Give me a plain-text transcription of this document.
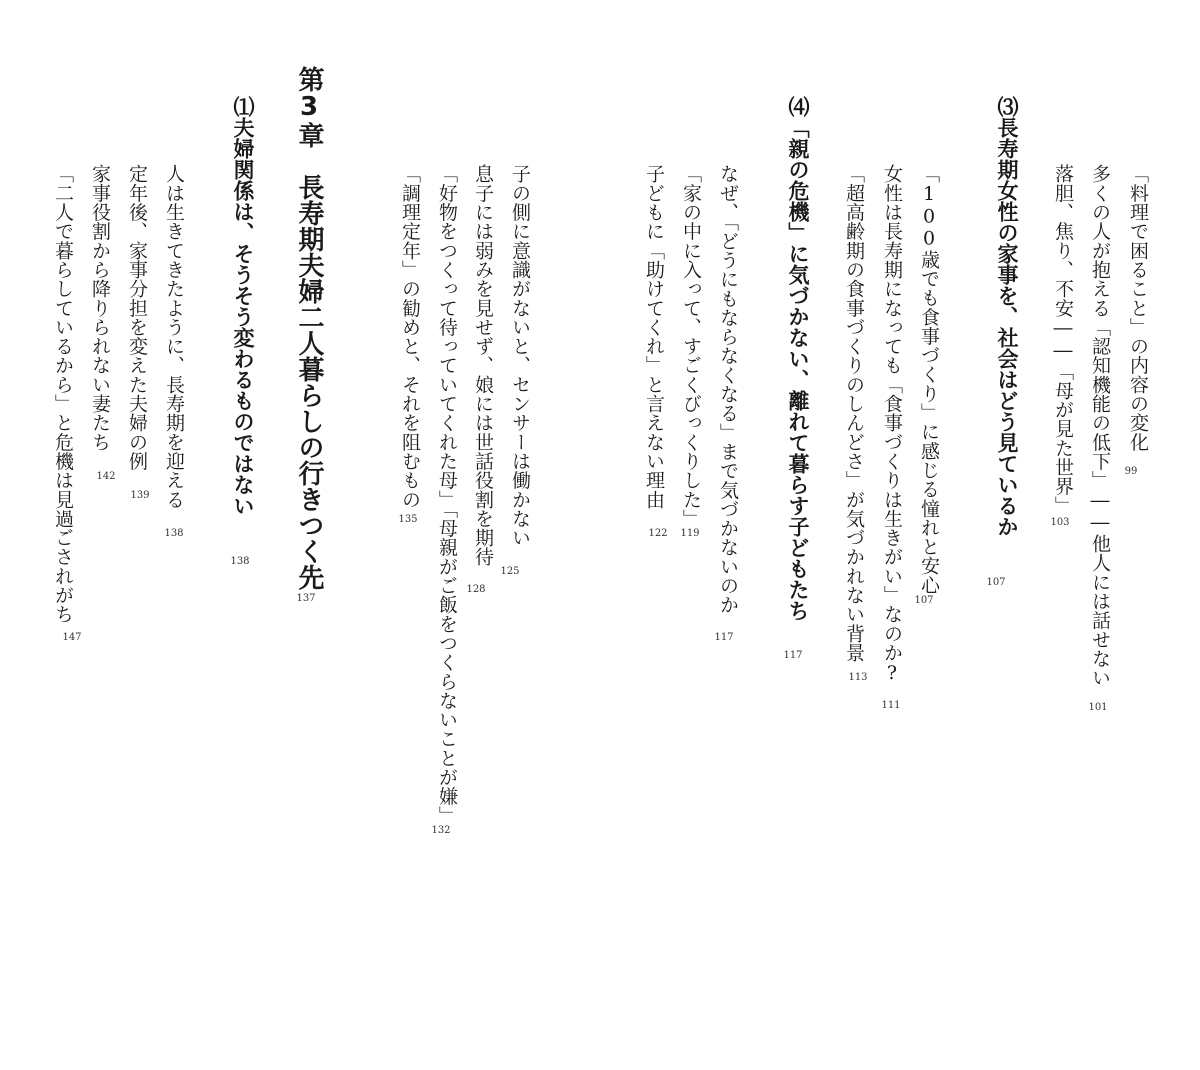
「料理で困ること」の内容の変化
99
多くの人が抱える「認知機能の低下」――他人には話せない
101
落胆、焦り、不安――「母が見た世界」
103
⑶長寿期女性の家事を、社会はどう見ているか
107
「100歳でも食事づくり」に感じる憧れと安心
107
女性は長寿期になっても「食事づくりは生きがい」なのか?
111
「超高齢期の食事づくりのしんどさ」が気づかれない背景
113
⑷「親の危機」に気づかない、離れて暮らす子どもたち
117
なぜ、「どうにもならなくなる」まで気づかないのか
117
「家の中に入って、すごくびっくりした」
119
子どもに「助けてくれ」と言えない理由
122
子の側に意識がないと、センサーは働かない
125
息子には弱みを見せず、娘には世話役割を期待
128
「好物をつくって待っていてくれた母」「母親がご飯をつくらないことが嫌」
132
「調理定年」の勧めと、それを阻むもの
135
第3章　長寿期夫婦二人暮らしの行きつく先
137
⑴夫婦関係は、そうそう変わるものではない
138
人は生きてきたように、長寿期を迎える
138
定年後、家事分担を変えた夫婦の例
139
家事役割から降りられない妻たち
142
「二人で暮らしているから」と危機は見過ごされがち
147
